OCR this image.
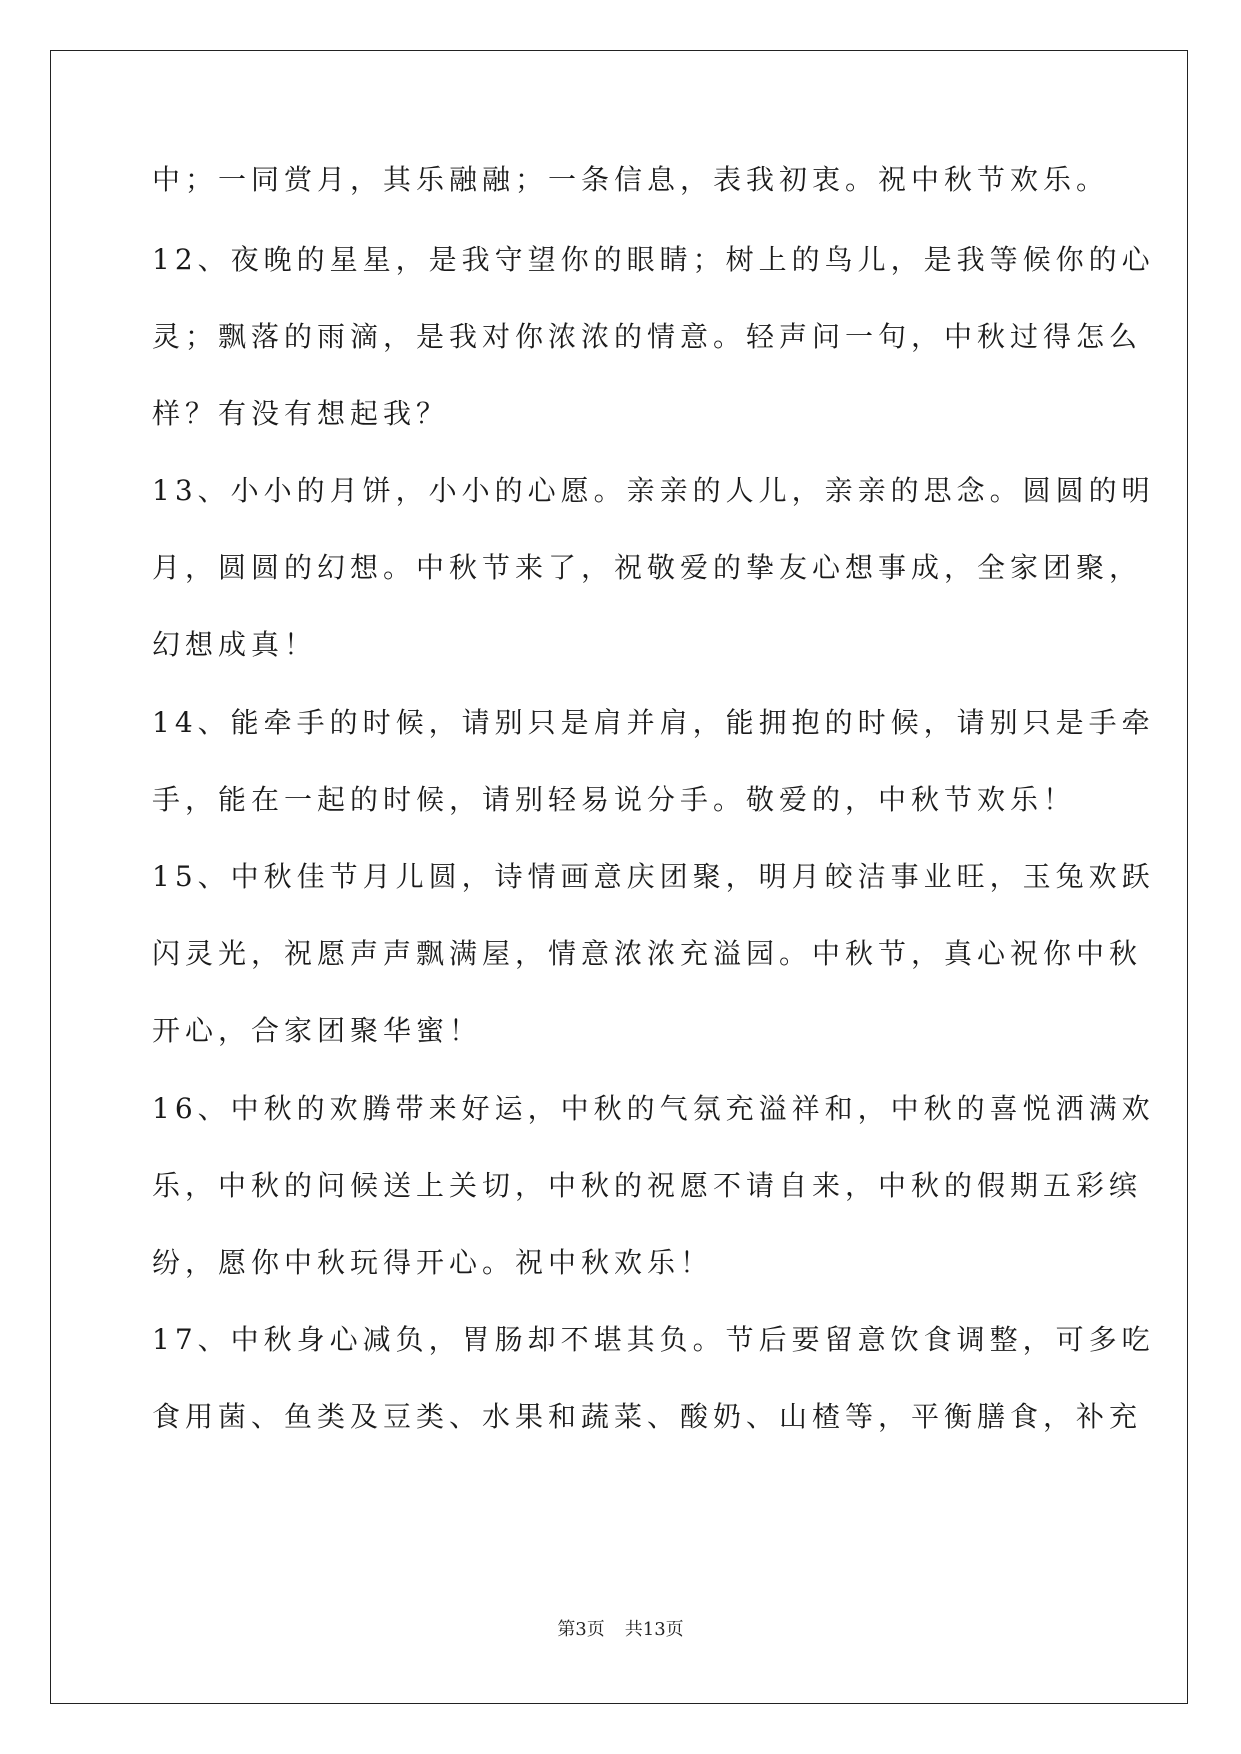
中；一同赏月，其乐融融；一条信息，表我初衷。祝中秋节欢乐。
12、夜晚的星星，是我守望你的眼睛；树上的鸟儿，是我等候你的心
灵；飘落的雨滴，是我对你浓浓的情意。轻声问一句，中秋过得怎么
样？有没有想起我？
13、小小的月饼，小小的心愿。亲亲的人儿，亲亲的思念。圆圆的明
月，圆圆的幻想。中秋节来了，祝敬爱的挚友心想事成，全家团聚，
幻想成真！
14、能牵手的时候，请别只是肩并肩，能拥抱的时候，请别只是手牵
手，能在一起的时候，请别轻易说分手。敬爱的，中秋节欢乐！
15、中秋佳节月儿圆，诗情画意庆团聚，明月皎洁事业旺，玉兔欢跃
闪灵光，祝愿声声飘满屋，情意浓浓充溢园。中秋节，真心祝你中秋
开心，合家团聚华蜜！
16、中秋的欢腾带来好运，中秋的气氛充溢祥和，中秋的喜悦洒满欢
乐，中秋的问候送上关切，中秋的祝愿不请自来，中秋的假期五彩缤
纷，愿你中秋玩得开心。祝中秋欢乐！
17、中秋身心减负，胃肠却不堪其负。节后要留意饮食调整，可多吃
食用菌、鱼类及豆类、水果和蔬菜、酸奶、山楂等，平衡膳食，补充
第3页 共13页
